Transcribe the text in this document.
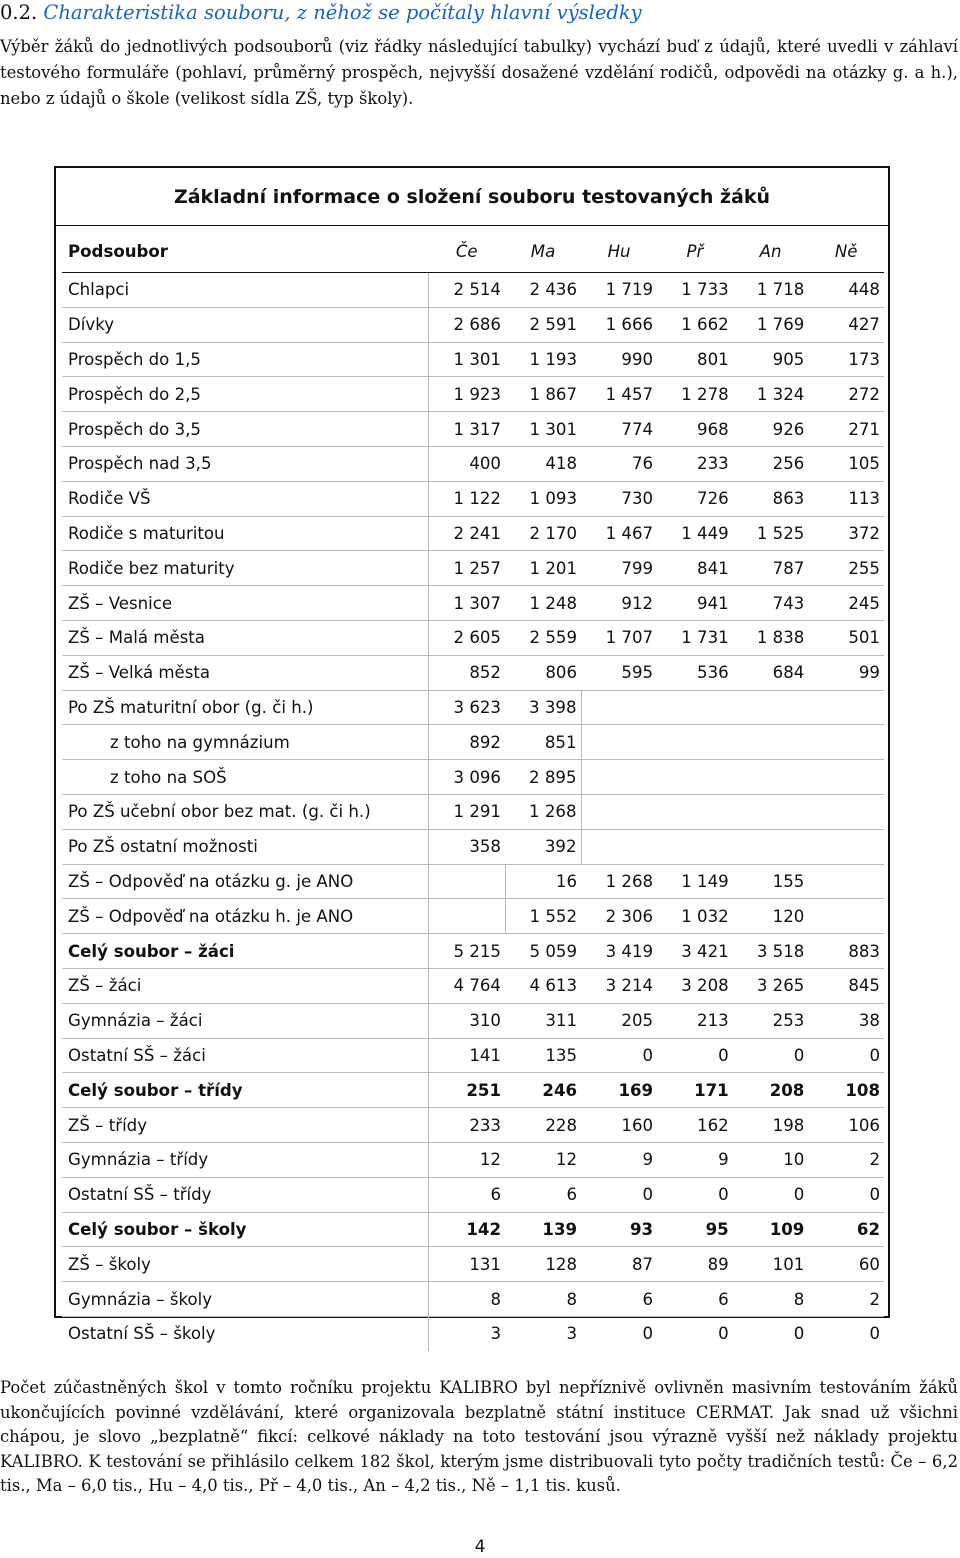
0.2. Charakteristika souboru, z něhož se počítaly hlavní výsledky
Výběr žáků do jednotlivých podsouborů (viz řádky následující tabulky) vychází buď z údajů, které uvedli v záhlaví testového formuláře (pohlaví, průměrný prospěch, nejvyšší dosažené vzdělání rodičů, odpovědi na otázky g. a h.), nebo z údajů o škole (velikost sídla ZŠ, typ školy).
Základní informace o složení souboru testovaných žáků
Podsoubor	Če	Ma	Hu	Př	An	Ně
Chlapci	2 514	2 436	1 719	1 733	1 718	448
Dívky	2 686	2 591	1 666	1 662	1 769	427
Prospěch do 1,5	1 301	1 193	990	801	905	173
Prospěch do 2,5	1 923	1 867	1 457	1 278	1 324	272
Prospěch do 3,5	1 317	1 301	774	968	926	271
Prospěch nad 3,5	400	418	76	233	256	105
Rodiče VŠ	1 122	1 093	730	726	863	113
Rodiče s maturitou	2 241	2 170	1 467	1 449	1 525	372
Rodiče bez maturity	1 257	1 201	799	841	787	255
ZŠ – Vesnice	1 307	1 248	912	941	743	245
ZŠ – Malá města	2 605	2 559	1 707	1 731	1 838	501
ZŠ – Velká města	852	806	595	536	684	99
Po ZŠ maturitní obor (g. či h.)	3 623	3 398				
z toho na gymnázium	892	851				
z toho na SOŠ	3 096	2 895				
Po ZŠ učební obor bez mat. (g. či h.)	1 291	1 268				
Po ZŠ ostatní možnosti	358	392				
ZŠ – Odpověď na otázku g. je ANO		16	1 268	1 149	155	
ZŠ – Odpověď na otázku h. je ANO		1 552	2 306	1 032	120	
Celý soubor – žáci	5 215	5 059	3 419	3 421	3 518	883
ZŠ – žáci	4 764	4 613	3 214	3 208	3 265	845
Gymnázia – žáci	310	311	205	213	253	38
Ostatní SŠ – žáci	141	135	0	0	0	0
Celý soubor – třídy	251	246	169	171	208	108
ZŠ – třídy	233	228	160	162	198	106
Gymnázia – třídy	12	12	9	9	10	2
Ostatní SŠ – třídy	6	6	0	0	0	0
Celý soubor – školy	142	139	93	95	109	62
ZŠ – školy	131	128	87	89	101	60
Gymnázia – školy	8	8	6	6	8	2
Ostatní SŠ – školy	3	3	0	0	0	0
Počet zúčastněných škol v tomto ročníku projektu KALIBRO byl nepříznivě ovlivněn masivním testováním žáků ukončujících povinné vzdělávání, které organizovala bezplatně státní instituce CERMAT. Jak snad už všichni chápou, je slovo „bezplatně“ fikcí: celkové náklady na toto testování jsou výrazně vyšší než náklady projektu KALIBRO. K testování se přihlásilo celkem 182 škol, kterým jsme distribuovali tyto počty tradičních testů: Če – 6,2 tis., Ma – 6,0 tis., Hu – 4,0 tis., Př – 4,0 tis., An – 4,2 tis., Ně – 1,1 tis. kusů.
4
